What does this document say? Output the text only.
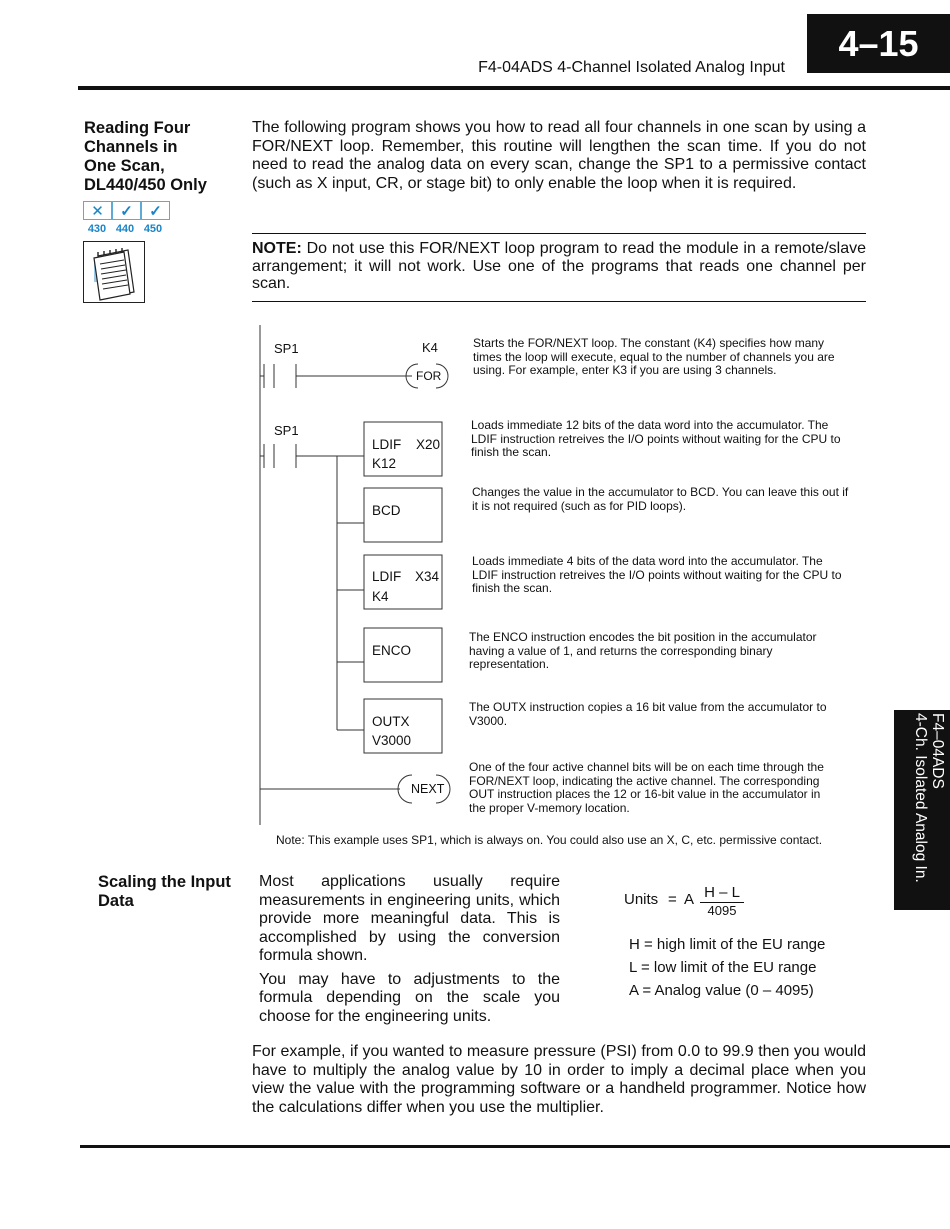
4–15
F4-04ADS 4-Channel Isolated Analog Input
Reading Four
Channels in
One Scan,
DL440/450 Only
✕	✓	✓
430 440 450

The following program shows you how to read all four channels in one scan by using a FOR/NEXT loop. Remember, this routine will lengthen the scan time. If you do not need to read the analog data on every scan, change the SP1 to a permissive contact (such as X input, CR, or stage bit) to only enable the loop when it is required.

NOTE: Do not use this FOR/NEXT loop program to read the module in a remote/slave arrangement; it will not work. Use one of the programs that reads one channel per scan.
SP1	K4
FOR
SP1
LDIF X20
K12
BCD
LDIF X34
K4
ENCO
OUTX
V3000
NEXT
Starts the FOR/NEXT loop. The constant (K4) specifies how many times the loop will execute, equal to the number of channels you are using. For example, enter K3 if you are using 3 channels.
Loads immediate 12 bits of the data word into the accumulator. The LDIF instruction retreives the I/O points without waiting for the CPU to finish the scan.
Changes the value in the accumulator to BCD. You can leave this out if it is not required (such as for PID loops).
Loads immediate 4 bits of the data word into the accumulator. The LDIF instruction retreives the I/O points without waiting for the CPU to finish the scan.
The ENCO instruction encodes the bit position in the accumulator having a value of 1, and returns the corresponding binary representation.
The OUTX instruction copies a 16 bit value from the accumulator to V3000.
One of the four active channel bits will be on each time through the FOR/NEXT loop, indicating the active channel. The corresponding OUT instruction places the 12 or 16-bit value in the accumulator in the proper V-memory location.
Note: This example uses SP1, which is always on. You could also use an X, C, etc. permissive contact.
Scaling the Input
Data

Most applications usually require measurements in engineering units, which provide more meaningful data. This is accomplished by using the conversion formula shown.

You may have to adjustments to the formula depending on the scale you choose for the engineering units.

Units = A H – L
4095
H = high limit of the EU range
L = low limit of the EU range
A = Analog value (0 – 4095)

For example, if you wanted to measure pressure (PSI) from 0.0 to 99.9 then you would have to multiply the analog value by 10 in order to imply a decimal place when you view the value with the programming software or a handheld programmer. Notice how the calculations differ when you use the multiplier.

F4–04ADS
4-Ch. Isolated Analog In.
